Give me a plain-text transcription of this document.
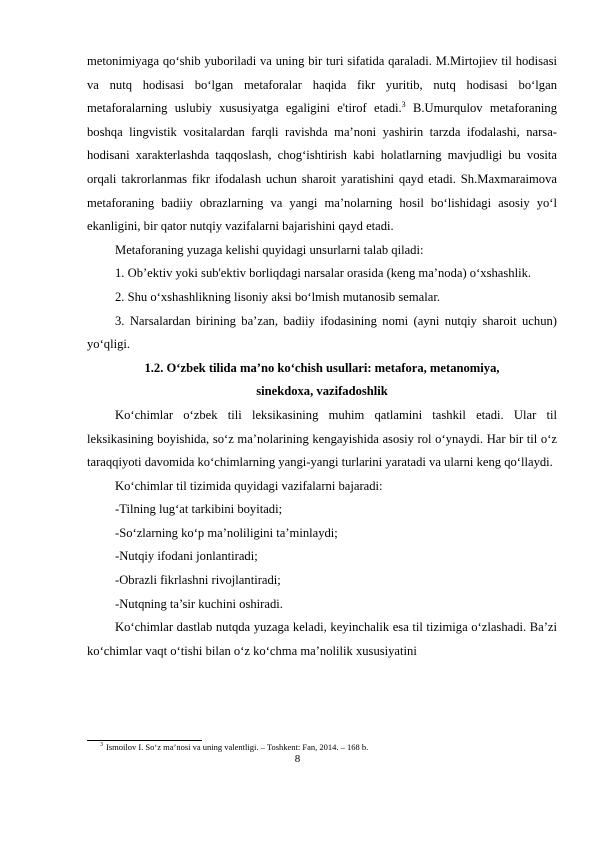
metonimiyaga qo‘shib yuboriladi va uning bir turi sifatida qaraladi. M.Mirtojiev til hodisasi va nutq hodisasi bo‘lgan metaforalar haqida fikr yuritib, nutq hodisasi bo‘lgan metaforalarning uslubiy xususiyatga egaligini e'tirof etadi.$^3$ B.Umurqulov metaforaning boshqa lingvistik vositalardan farqli ravishda ma’noni yashirin tarzda ifodalashi, narsa-hodisani xarakterlashda taqqoslash, chog‘ishtirish kabi holatlarning mavjudligi bu vosita orqali takrorlanmas fikr ifodalash uchun sharoit yaratishini qayd etadi. Sh.Maxmaraimova metaforaning badiiy obrazlarning va yangi ma’nolarning hosil bo‘lishidagi asosiy yo‘l ekanligini, bir qator nutqiy vazifalarni bajarishini qayd etadi.

Metaforaning yuzaga kelishi quyidagi unsurlarni talab qiladi:

1. Ob’ektiv yoki sub'ektiv borliqdagi narsalar orasida (keng ma’noda) o‘xshashlik.

2. Shu o‘xshashlikning lisoniy aksi bo‘lmish mutanosib semalar.

3. Narsalardan birining ba’zan, badiiy ifodasining nomi (ayni nutqiy sharoit uchun) yo‘qligi.

1.2. O‘zbek tilida ma’no ko‘chish usullari: metafora, metanomiya,
sinekdoxa, vazifadoshlik

Ko‘chimlar o‘zbek tili leksikasining muhim qatlamini tashkil etadi. Ular til leksikasining boyishida, so‘z ma’nolarining kengayishida asosiy rol o‘ynaydi. Har bir til o‘z taraqqiyoti davomida ko‘chimlarning yangi-yangi turlarini yaratadi va ularni keng qo‘llaydi.

Ko‘chimlar til tizimida quyidagi vazifalarni bajaradi:

-Tilning lug‘at tarkibini boyitadi;

-So‘zlarning ko‘p ma’noliligini ta’minlaydi;

-Nutqiy ifodani jonlantiradi;

-Obrazli fikrlashni rivojlantiradi;

-Nutqning ta’sir kuchini oshiradi.

Ko‘chimlar dastlab nutqda yuzaga keladi, keyinchalik esa til tizimiga o‘zlashadi. Ba’zi ko‘chimlar vaqt o‘tishi bilan o‘z ko‘chma ma’nolilik xususiyatini

$^3$ Ismoilov I. So‘z ma’nosi va uning valentligi. – Toshkent: Fan, 2014. – 168 b.
8
